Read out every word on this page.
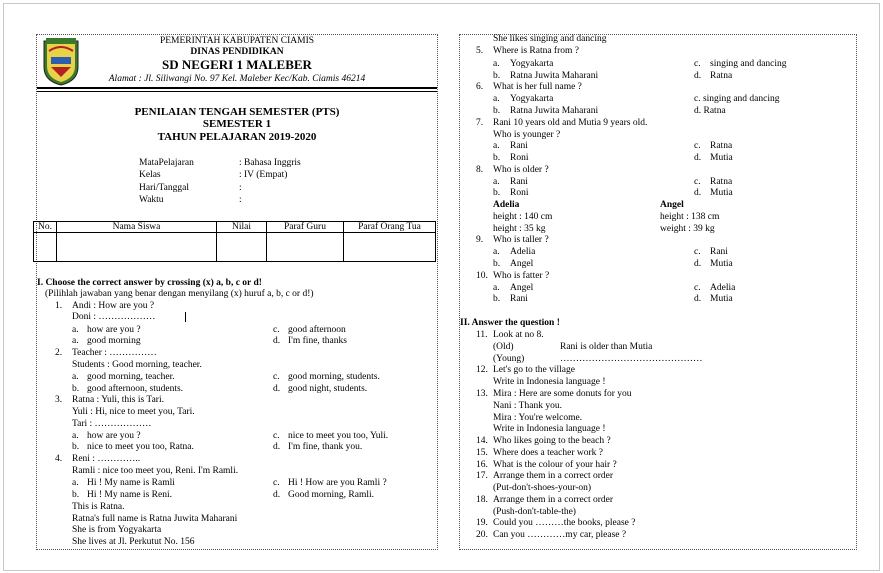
PEMERINTAH KABUPATEN CIAMIS
DINAS PENDIDIKAN
SD NEGERI 1 MALEBER
Alamat : Jl. Siliwangi No. 97 Kel. Maleber Kec/Kab. Ciamis 46214
PENILAIAN TENGAH SEMESTER (PTS)
SEMESTER 1
TAHUN PELAJARAN 2019-2020
MataPelajaran	: Bahasa Inggris
Kelas	: IV (Empat)
Hari/Tanggal	:
Waktu	:
No.	Nama Siswa	Nilai	Paraf Guru	Paraf Orang Tua

I. Choose the correct answer by crossing (x) a, b, c or d!
(Pilihlah jawaban yang benar dengan menyilang (x) huruf a, b, c or d!)
1. Andi : How are you ?
Doni : ………………
a. how are you ?	c. good afternoon
a. good morning	d. I'm fine, thanks
2. Teacher : ……………
Students : Good morning, teacher.
a. good morning, teacher.	c. good morning, students.
b. good afternoon, students.	d. good night, students.
3. Ratna : Yuli, this is Tari.
Yuli : Hi, nice to meet you, Tari.
Tari : ………………
a. how are you ?	c. nice to meet you too, Yuli.
b. nice to meet you too, Ratna.	d. I'm fine, thank you.
4. Reni : …………..
Ramli : nice too meet you, Reni. I'm Ramli.
a. Hi ! My name is Ramli	c. Hi ! How are you Ramli ?
b. Hi ! My name is Reni.	d. Good morning, Ramli.
This is Ratna.
Ratna's full name is Ratna Juwita Maharani
She is from Yogyakarta
She lives at Jl. Perkutut No. 156
She likes singing and dancing
5. Where is Ratna from ?
a. Yogyakarta	c. singing and dancing
b. Ratna Juwita Maharani	d. Ratna
6. What is her full name ?
a. Yogyakarta	c. singing and dancing
b. Ratna Juwita Maharani	d. Ratna
7. Rani 10 years old and Mutia 9 years old.
Who is younger ?
a. Rani	c. Ratna
b. Roni	d. Mutia
8. Who is older ?
a. Rani	c. Ratna
b. Roni	d. Mutia
Adelia	Angel
height : 140 cm	height : 138 cm
height : 35 kg	weight : 39 kg
9. Who is taller ?
a. Adelia	c. Rani
b. Angel	d. Mutia
10. Who is fatter ?
a. Angel	c. Adelia
b. Rani	d. Mutia
II. Answer the question !
11. Look at no 8.
(Old)	Rani is older than Mutia
(Young)	………………………………………
12. Let's go to the village
Write in Indonesia language !
13. Mira : Here are some donuts for you
Nani : Thank you.
Mira : You're welcome.
Write in Indonesia language !
14. Who likes going to the beach ?
15. Where does a teacher work ?
16. What is the colour of your hair ?
17. Arrange them in a correct order
(Put-don't-shoes-your-on)
18. Arrange them in a correct order
(Push-don't-table-the)
19. Could you ………the books, please ?
20. Can you …………my car, please ?
